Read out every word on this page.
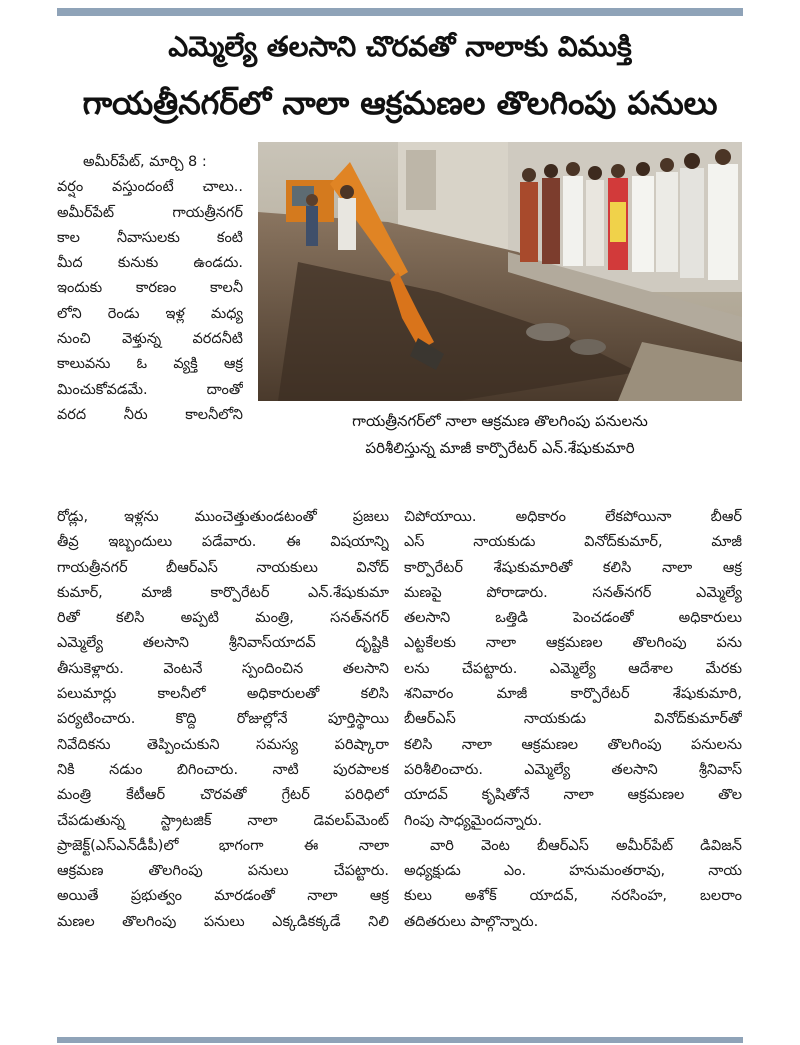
ఎమ్మెల్యే తలసాని చొరవతో నాలాకు విముక్తి
గాయత్రీనగర్‌లో నాలా ఆక్రమణల తొలగింపు పనులు
గాయత్రీనగర్‌లో నాలా ఆక్రమణ తొలగింపు పనులను
పరిశీలిస్తున్న మాజీ కార్పొరేటర్ ఎన్.శేషుకుమారి
అమీర్‌పేట్, మార్చి 8 :
వర్షం వస్తుందంటే చాలు..
అమీర్‌పేట్ గాయత్రీనగర్
కాల నీవాసులకు కంటి
మీద కునుకు ఉండదు.
ఇందుకు కారణం కాలనీ
లోని రెండు ఇళ్ల మధ్య
నుంచి వెళ్తున్న వరదనీటి
కాలువను ఓ వ్యక్తి ఆక్ర
మించుకోవడమే. దాంతో
వరద నీరు కాలనీలోని
రోడ్లు, ఇళ్లను ముంచెత్తుతుండటంతో ప్రజలు
తీవ్ర ఇబ్బందులు పడేవారు. ఈ విషయాన్ని
గాయత్రీనగర్ బీఆర్‌ఎస్ నాయకులు వినోద్
కుమార్, మాజీ కార్పొరేటర్ ఎన్.శేషుకుమా
రితో కలిసి అప్పటి మంత్రి, సనత్‌నగర్
ఎమ్మెల్యే తలసాని శ్రీనివాస్‌యాదవ్ దృష్టికి
తీసుకెళ్లారు. వెంటనే స్పందించిన తలసాని
పలుమార్లు కాలనీలో అధికారులతో కలిసి
పర్యటించారు. కొద్ది రోజుల్లోనే పూర్తిస్థాయి
నివేదికను తెప్పించుకుని సమస్య పరిష్కారా
నికి నడుం బిగించారు. నాటి పురపాలక
మంత్రి కేటీఆర్ చొరవతో గ్రేటర్ పరిధిలో
చేపడుతున్న స్ట్రాటజిక్ నాలా డెవలప్‌మెంట్
ప్రాజెక్ట్(ఎస్‌ఎన్‌డీపీ)లో భాగంగా ఈ నాలా
ఆక్రమణ తొలగింపు పనులు చేపట్టారు.
అయితే ప్రభుత్వం మారడంతో నాలా ఆక్ర
మణల తొలగింపు పనులు ఎక్కడికక్కడే నిలి
చిపోయాయి. అధికారం లేకపోయినా బీఆర్
ఎస్ నాయకుడు వినోద్‌కుమార్, మాజీ
కార్పొరేటర్ శేషుకుమారితో కలిసి నాలా ఆక్ర
మణపై పోరాడారు. సనత్‌నగర్ ఎమ్మెల్యే
తలసాని ఒత్తిడి పెంచడంతో అధికారులు
ఎట్టకేలకు నాలా ఆక్రమణల తొలగింపు పను
లను చేపట్టారు. ఎమ్మెల్యే ఆదేశాల మేరకు
శనివారం మాజీ కార్పొరేటర్ శేషుకుమారి,
బీఆర్‌ఎస్ నాయకుడు వినోద్‌కుమార్‌తో
కలిసి నాలా ఆక్రమణల తొలగింపు పనులను
పరిశీలించారు. ఎమ్మెల్యే తలసాని శ్రీనివాస్
యాదవ్ కృషితోనే నాలా ఆక్రమణల తొల
గింపు సాధ్యమైందన్నారు.
వారి వెంట బీఆర్‌ఎస్ అమీర్‌పేట్ డివిజన్
అధ్యక్షుడు ఎం. హనుమంతరావు, నాయ
కులు అశోక్ యాదవ్, నరసింహ, బలరాం
తదితరులు పాల్గొన్నారు.
